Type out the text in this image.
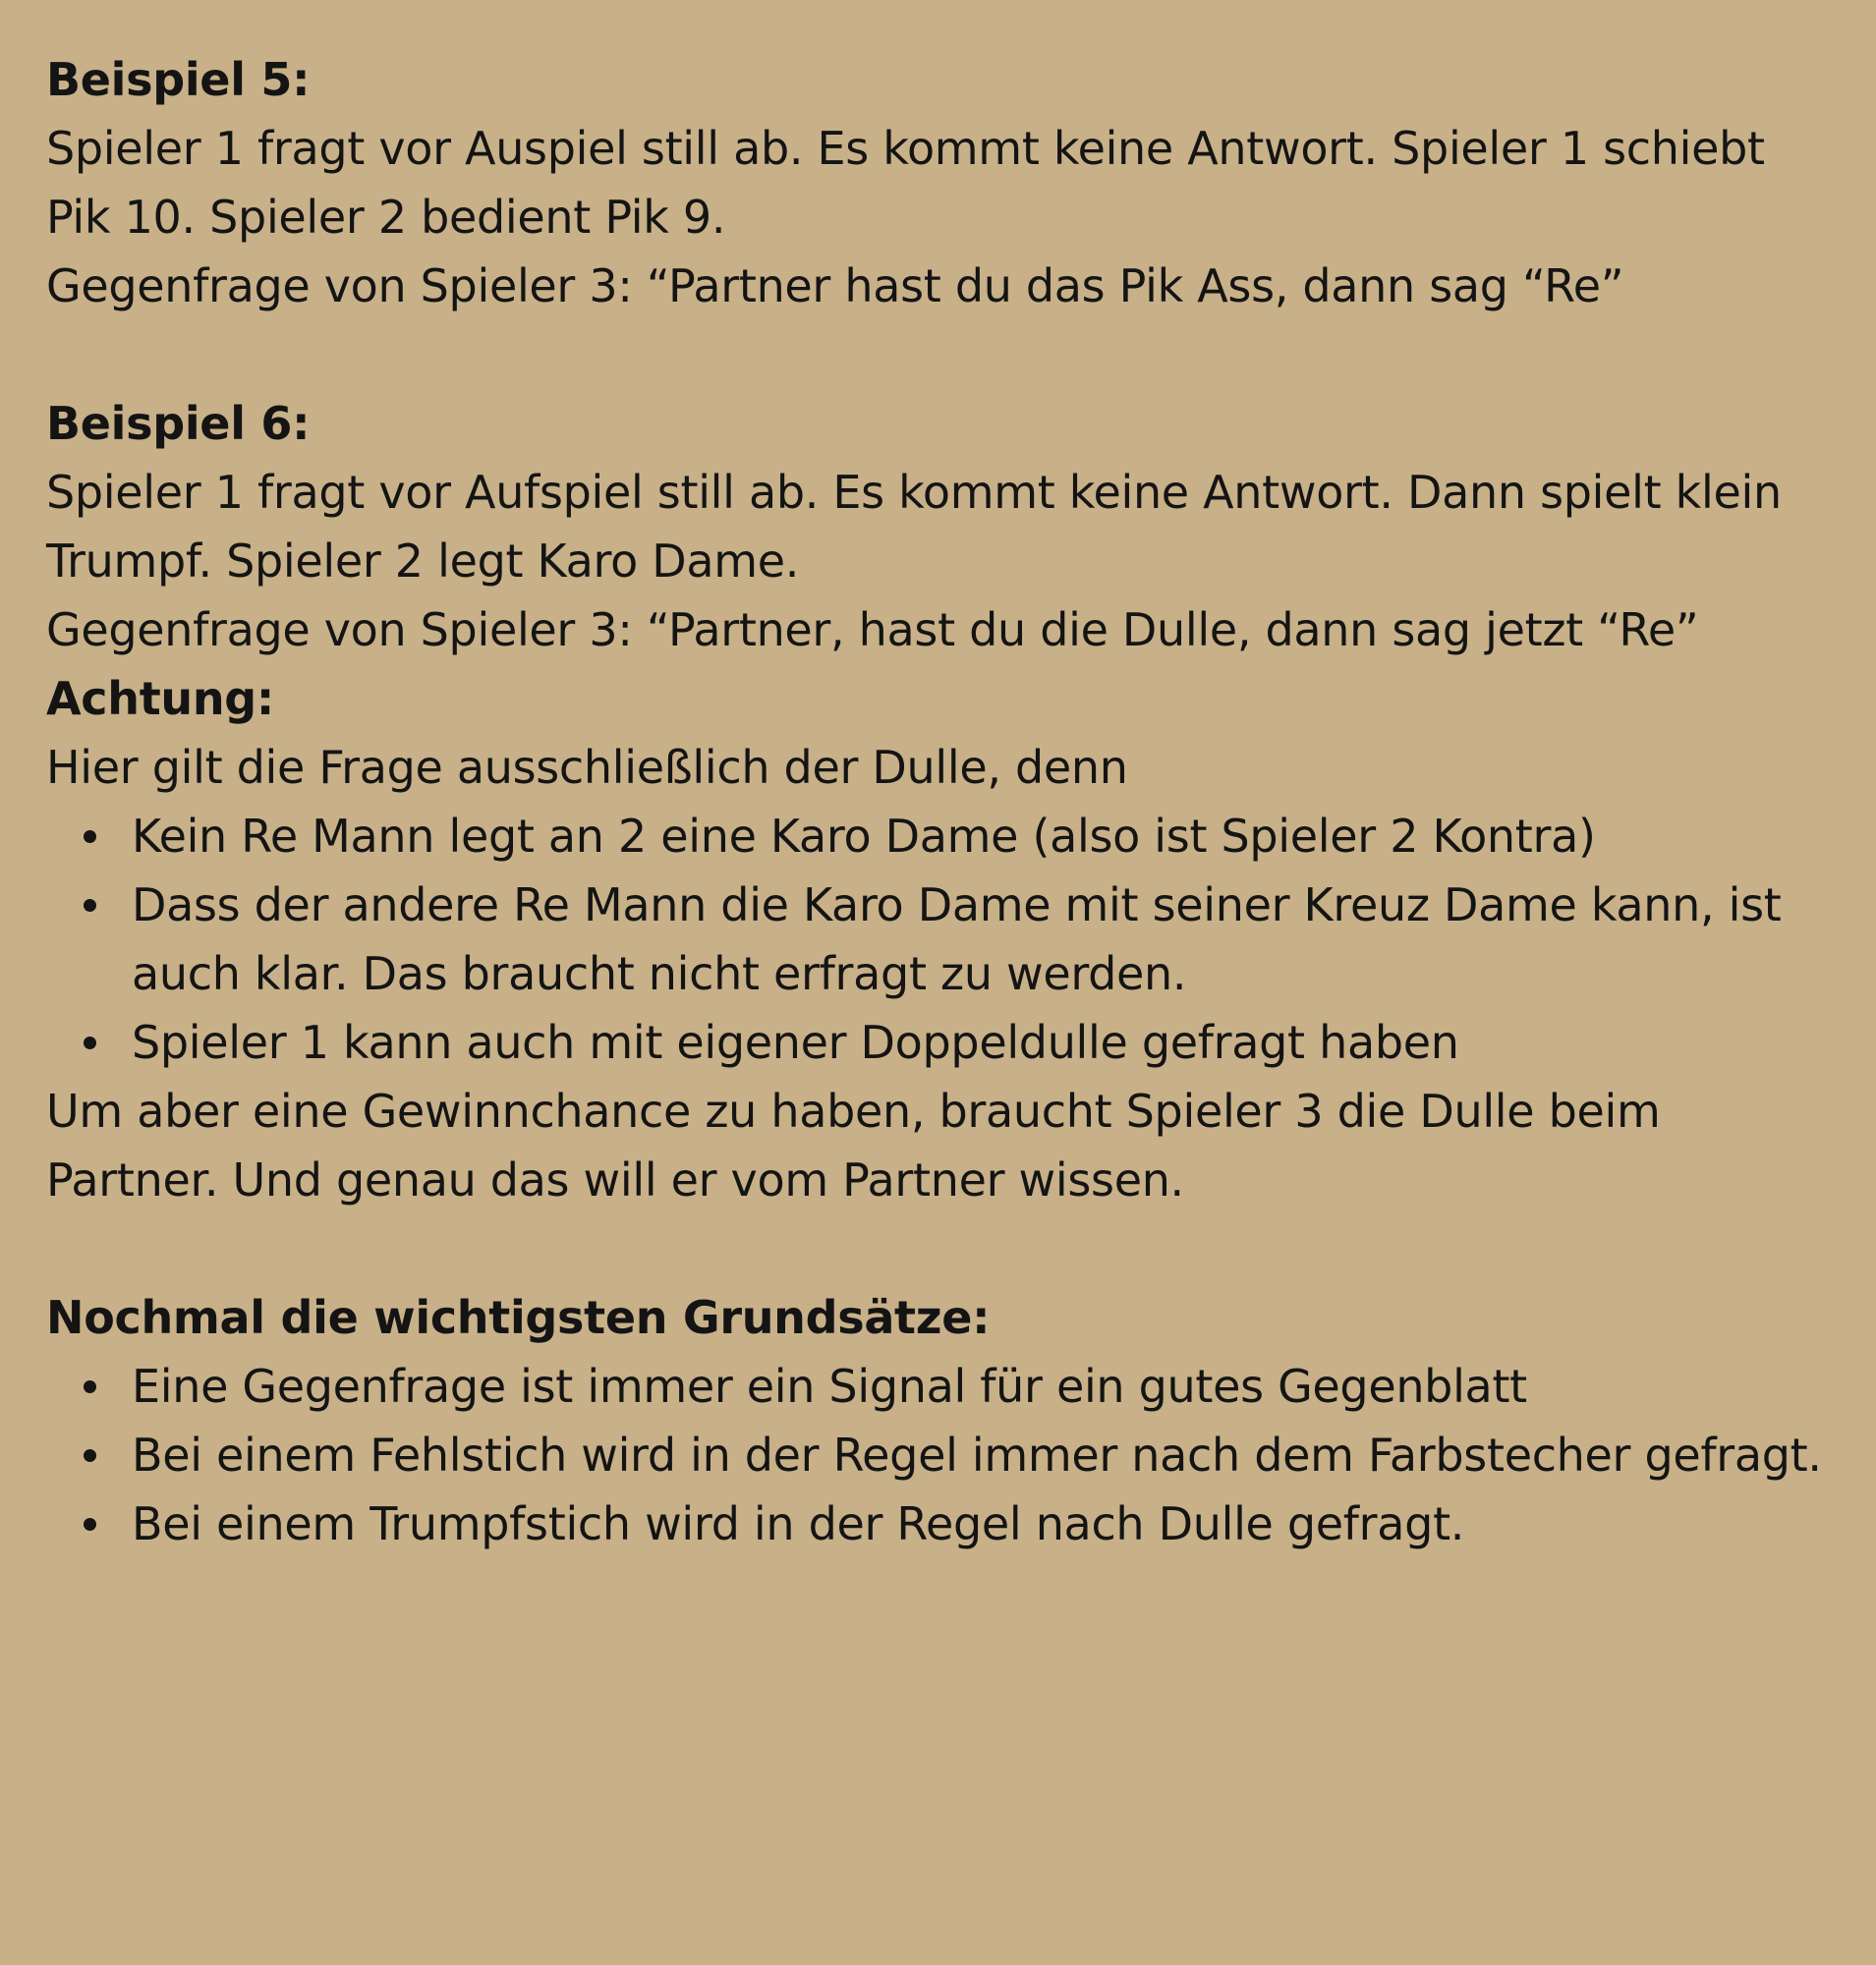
Beispiel 5:

Spieler 1 fragt vor Auspiel still ab. Es kommt keine Antwort. Spieler 1 schiebt Pik 10. Spieler 2 bedient Pik 9.

Gegenfrage von Spieler 3: “Partner hast du das Pik Ass, dann sag “Re”

Beispiel 6:

Spieler 1 fragt vor Aufspiel still ab. Es kommt keine Antwort. Dann spielt klein Trumpf. Spieler 2 legt Karo Dame.

Gegenfrage von Spieler 3: “Partner, hast du die Dulle, dann sag jetzt “Re”

Achtung:

Hier gilt die Frage ausschließlich der Dulle, denn

Kein Re Mann legt an 2 eine Karo Dame (also ist Spieler 2 Kontra)
Dass der andere Re Mann die Karo Dame mit seiner Kreuz Dame kann, ist auch klar. Das braucht nicht erfragt zu werden.
Spieler 1 kann auch mit eigener Doppeldulle gefragt haben

Um aber eine Gewinnchance zu haben, braucht Spieler 3 die Dulle beim Partner. Und genau das will er vom Partner wissen.

Nochmal die wichtigsten Grundsätze:

Eine Gegenfrage ist immer ein Signal für ein gutes Gegenblatt
Bei einem Fehlstich wird in der Regel immer nach dem Farbstecher gefragt.
Bei einem Trumpfstich wird in der Regel nach Dulle gefragt.
